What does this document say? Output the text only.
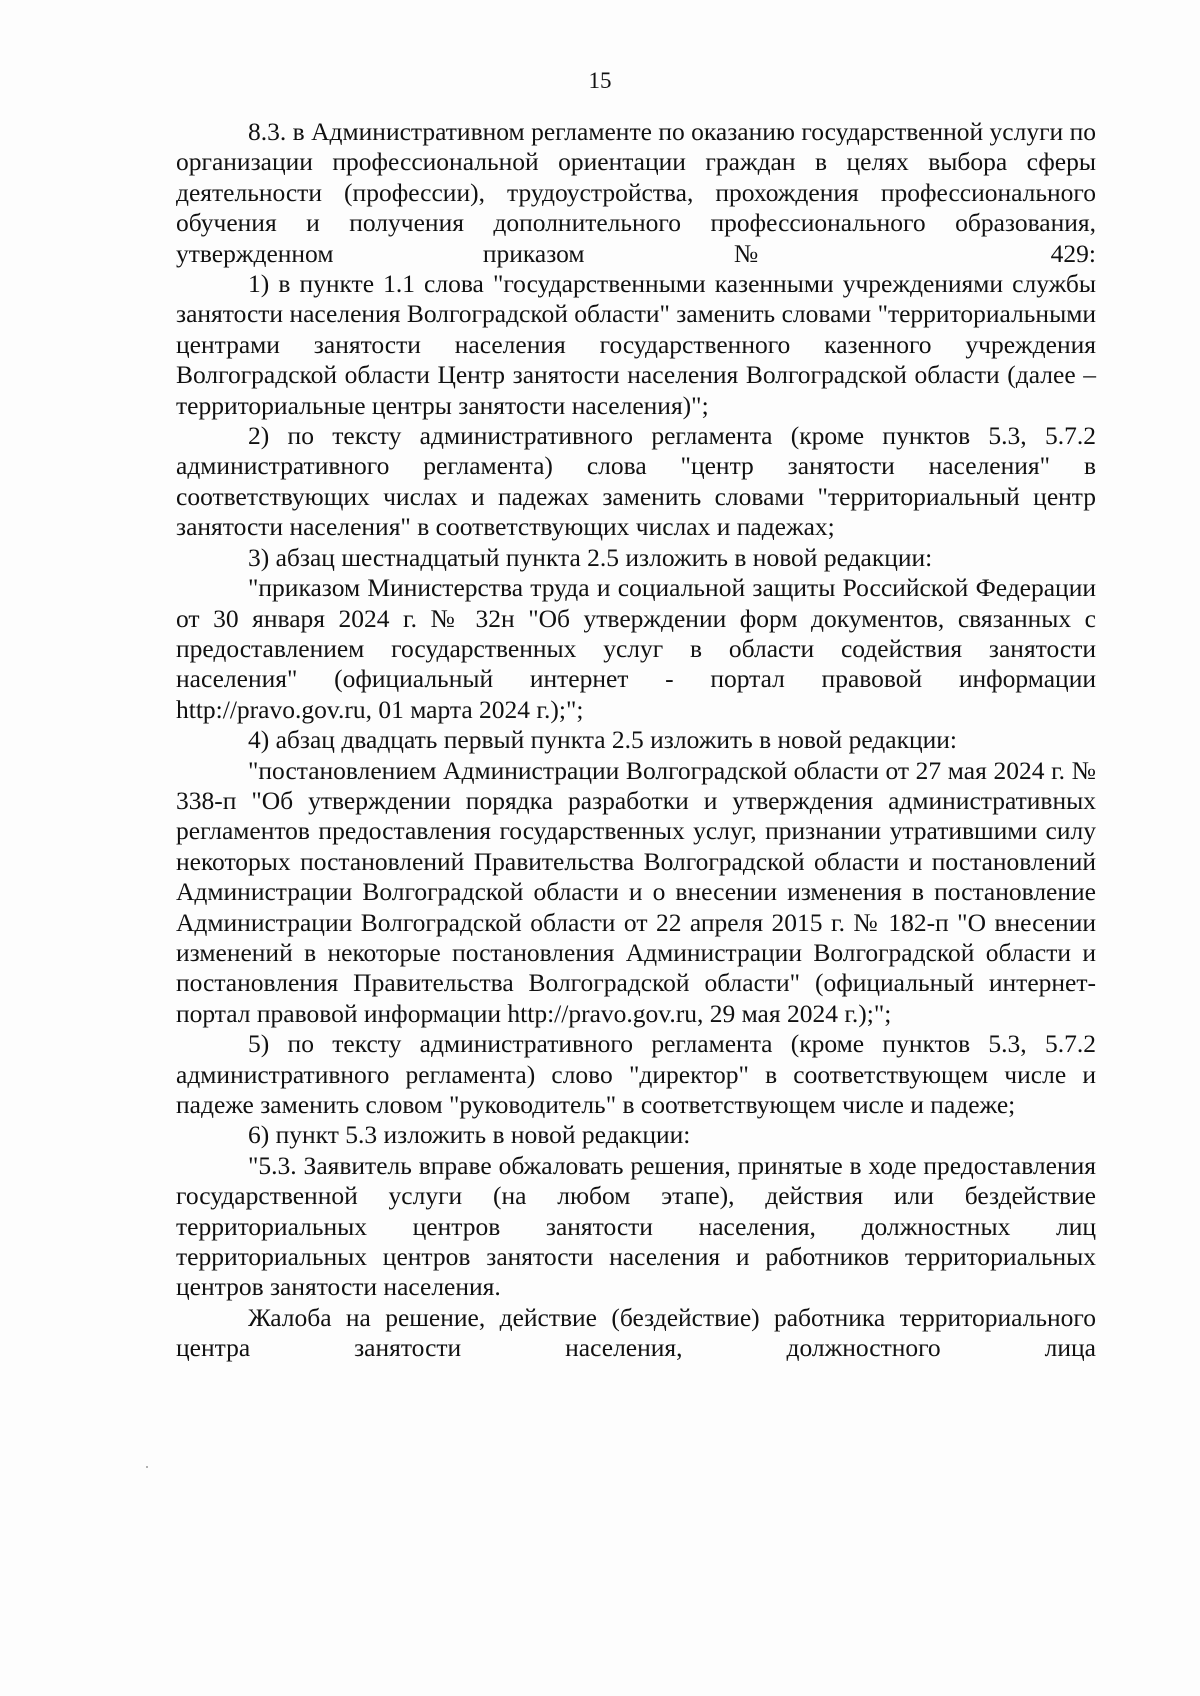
15

8.3. в Административном регламенте по оказанию государственной услуги по организации профессиональной ориентации граждан в целях выбора сферы деятельности (профессии), трудоустройства, прохождения профессионального обучения и получения дополнительного профессионального образования, утвержденном приказом № 429:

1) в пункте 1.1 слова "государственными казенными учреждениями службы занятости населения Волгоградской области" заменить словами "территориальными центрами занятости населения государственного казенного учреждения Волгоградской области Центр занятости населения Волгоградской области (далее – территориальные центры занятости населения)";

2) по тексту административного регламента (кроме пунктов 5.3, 5.7.2 административного регламента) слова "центр занятости населения" в соответствующих числах и падежах заменить словами "территориальный центр занятости населения" в соответствующих числах и падежах;

3) абзац шестнадцатый пункта 2.5 изложить в новой редакции:

"приказом Министерства труда и социальной защиты Российской Федерации от 30 января 2024 г. № 32н "Об утверждении форм документов, связанных с предоставлением государственных услуг в области содействия занятости населения" (официальный интернет - портал правовой информации http://pravo.gov.ru, 01 марта 2024 г.);";

4) абзац двадцать первый пункта 2.5 изложить в новой редакции:

"постановлением Администрации Волгоградской области от 27 мая 2024 г. № 338-п "Об утверждении порядка разработки и утверждения административных регламентов предоставления государственных услуг, признании утратившими силу некоторых постановлений Правительства Волгоградской области и постановлений Администрации Волгоградской области и о внесении изменения в постановление Администрации Волгоградской области от 22 апреля 2015 г. № 182-п "О внесении изменений в некоторые постановления Администрации Волгоградской области и постановления Правительства Волгоградской области" (официальный интернет-портал правовой информации http://pravo.gov.ru, 29 мая 2024 г.);";

5) по тексту административного регламента (кроме пунктов 5.3, 5.7.2 административного регламента) слово "директор" в соответствующем числе и падеже заменить словом "руководитель" в соответствующем числе и падеже;

6) пункт 5.3 изложить в новой редакции:

"5.3. Заявитель вправе обжаловать решения, принятые в ходе предоставления государственной услуги (на любом этапе), действия или бездействие территориальных центров занятости населения, должностных лиц территориальных центров занятости населения и работников территориальных центров занятости населения.

Жалоба на решение, действие (бездействие) работника территориального центра занятости населения, должностного лица
